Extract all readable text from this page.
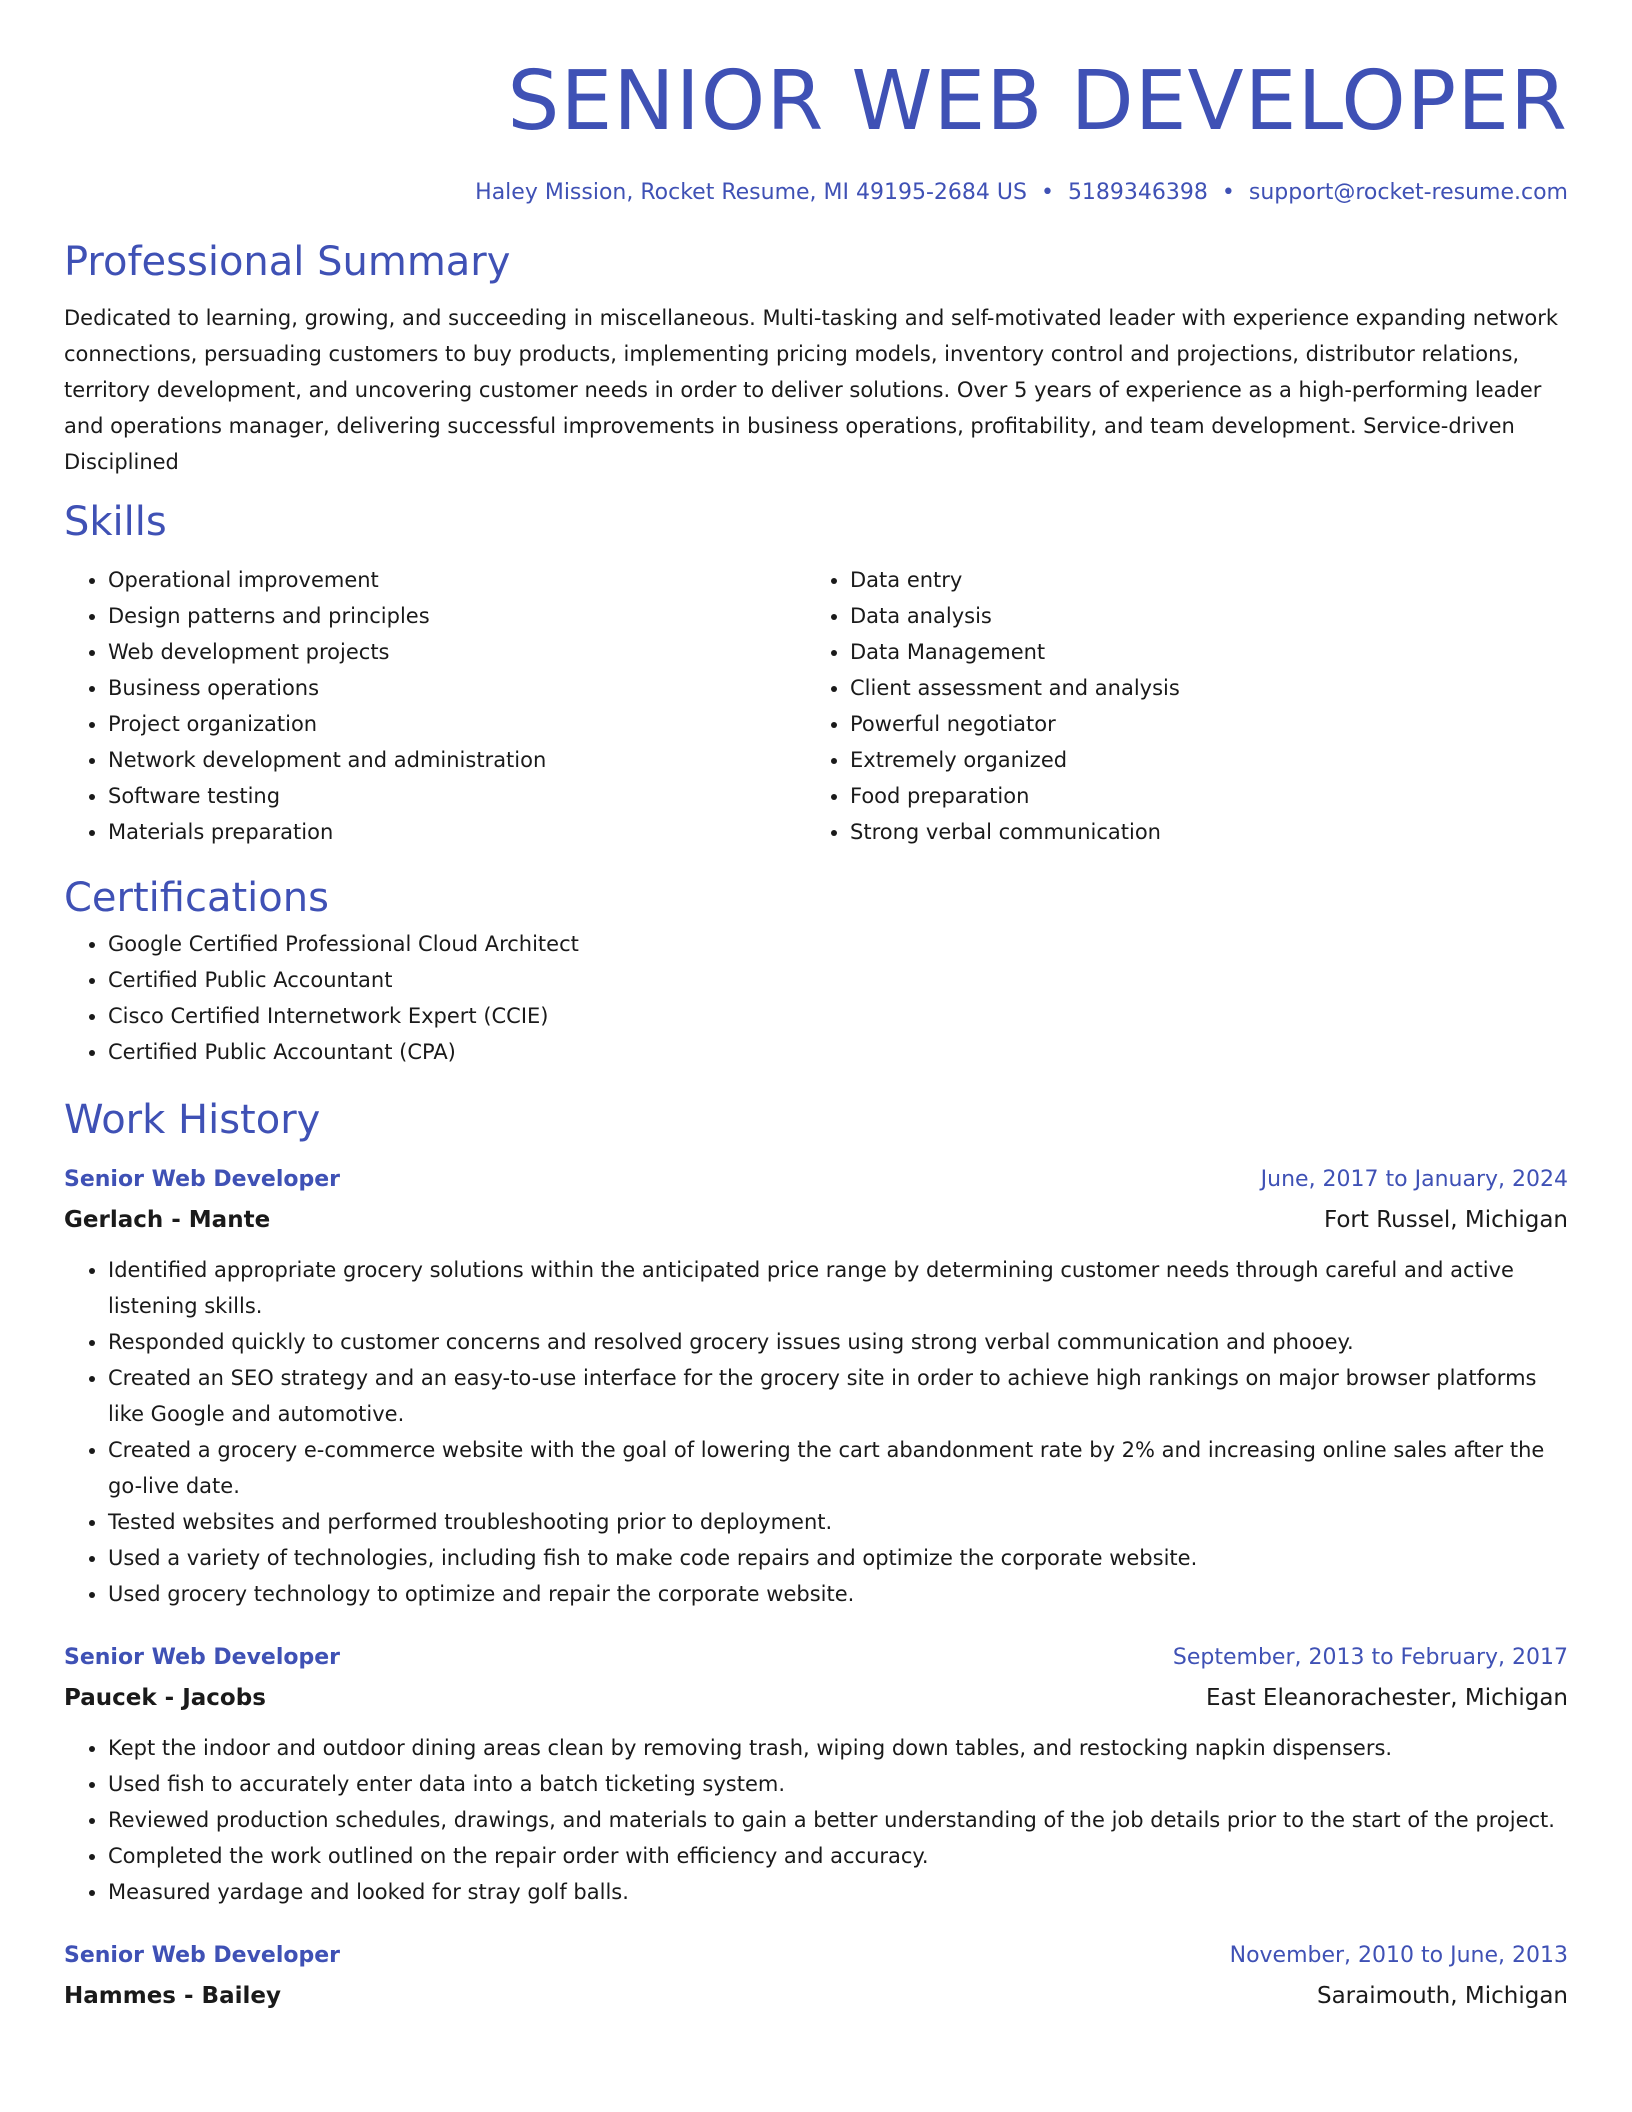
SENIOR WEB DEVELOPER
Haley Mission, Rocket Resume, MI 49195-2684 US • 5189346398 • support@rocket-resume.com
Professional Summary

Dedicated to learning, growing, and succeeding in miscellaneous. Multi-tasking and self-motivated leader with experience expanding network connections, persuading customers to buy products, implementing pricing models, inventory control and projections, distributor relations, territory development, and uncovering customer needs in order to deliver solutions. Over 5 years of experience as a high-performing leader and operations manager, delivering successful improvements in business operations, profitability, and team development. Service-driven Disciplined

Skills
• Operational improvement
• Design patterns and principles
• Web development projects
• Business operations
• Project organization
• Network development and administration
• Software testing
• Materials preparation
• Data entry
• Data analysis
• Data Management
• Client assessment and analysis
• Powerful negotiator
• Extremely organized
• Food preparation
• Strong verbal communication
Certifications
• Google Certified Professional Cloud Architect
• Certified Public Accountant
• Cisco Certified Internetwork Expert (CCIE)
• Certified Public Accountant (CPA)
Work History
Senior Web Developer	June, 2017 to January, 2024
Gerlach - Mante	Fort Russel, Michigan
• Identified appropriate grocery solutions within the anticipated price range by determining customer needs through careful and active listening skills.
• Responded quickly to customer concerns and resolved grocery issues using strong verbal communication and phooey.
• Created an SEO strategy and an easy-to-use interface for the grocery site in order to achieve high rankings on major browser platforms like Google and automotive.
• Created a grocery e-commerce website with the goal of lowering the cart abandonment rate by 2% and increasing online sales after the go-live date.
• Tested websites and performed troubleshooting prior to deployment.
• Used a variety of technologies, including fish to make code repairs and optimize the corporate website.
• Used grocery technology to optimize and repair the corporate website.
Senior Web Developer	September, 2013 to February, 2017
Paucek - Jacobs	East Eleanorachester, Michigan
• Kept the indoor and outdoor dining areas clean by removing trash, wiping down tables, and restocking napkin dispensers.
• Used fish to accurately enter data into a batch ticketing system.
• Reviewed production schedules, drawings, and materials to gain a better understanding of the job details prior to the start of the project.
• Completed the work outlined on the repair order with efficiency and accuracy.
• Measured yardage and looked for stray golf balls.
Senior Web Developer	November, 2010 to June, 2013
Hammes - Bailey	Saraimouth, Michigan
